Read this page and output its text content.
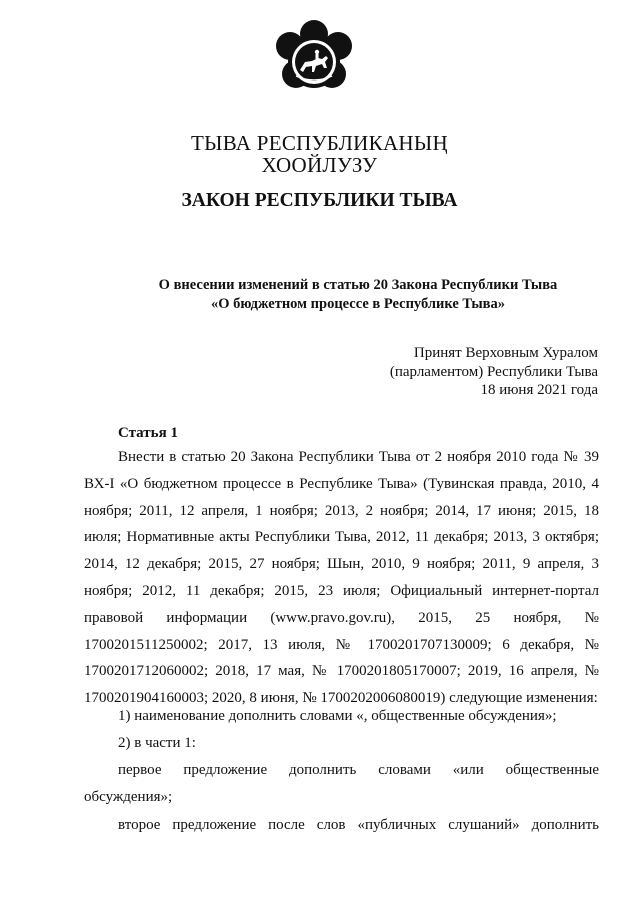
ТЫВА РЕСПУБЛИКАНЫҢ
ХООЙЛУЗУ
ЗАКОН РЕСПУБЛИКИ ТЫВА
О внесении изменений в статью 20 Закона Республики Тыва
«О бюджетном процессе в Республике Тыва»
Принят Верховным Хуралом
(парламентом) Республики Тыва
18 июня 2021 года
Статья 1
Внести в статью 20 Закона Республики Тыва от 2 ноября 2010 года № 39
ВХ-I «О бюджетном процессе в Республике Тыва» (Тувинская правда, 2010, 4
ноября; 2011, 12 апреля, 1 ноября; 2013, 2 ноября; 2014, 17 июня; 2015, 18
июля; Нормативные акты Республики Тыва, 2012, 11 декабря; 2013, 3 октября;
2014, 12 декабря; 2015, 27 ноября; Шын, 2010, 9 ноября; 2011, 9 апреля, 3
ноября; 2012, 11 декабря; 2015, 23 июля; Официальный интернет-портал
правовой информации (www.pravo.gov.ru), 2015, 25 ноября, №
1700201511250002; 2017, 13 июля, № 1700201707130009; 6 декабря, №
1700201712060002; 2018, 17 мая, № 1700201805170007; 2019, 16 апреля, №
1700201904160003; 2020, 8 июня, № 1700202006080019) следующие изменения:
1) наименование дополнить словами «, общественные обсуждения»;
2) в части 1:
первое предложение дополнить словами «или общественные
обсуждения»;
второе предложение после слов «публичных слушаний» дополнить
